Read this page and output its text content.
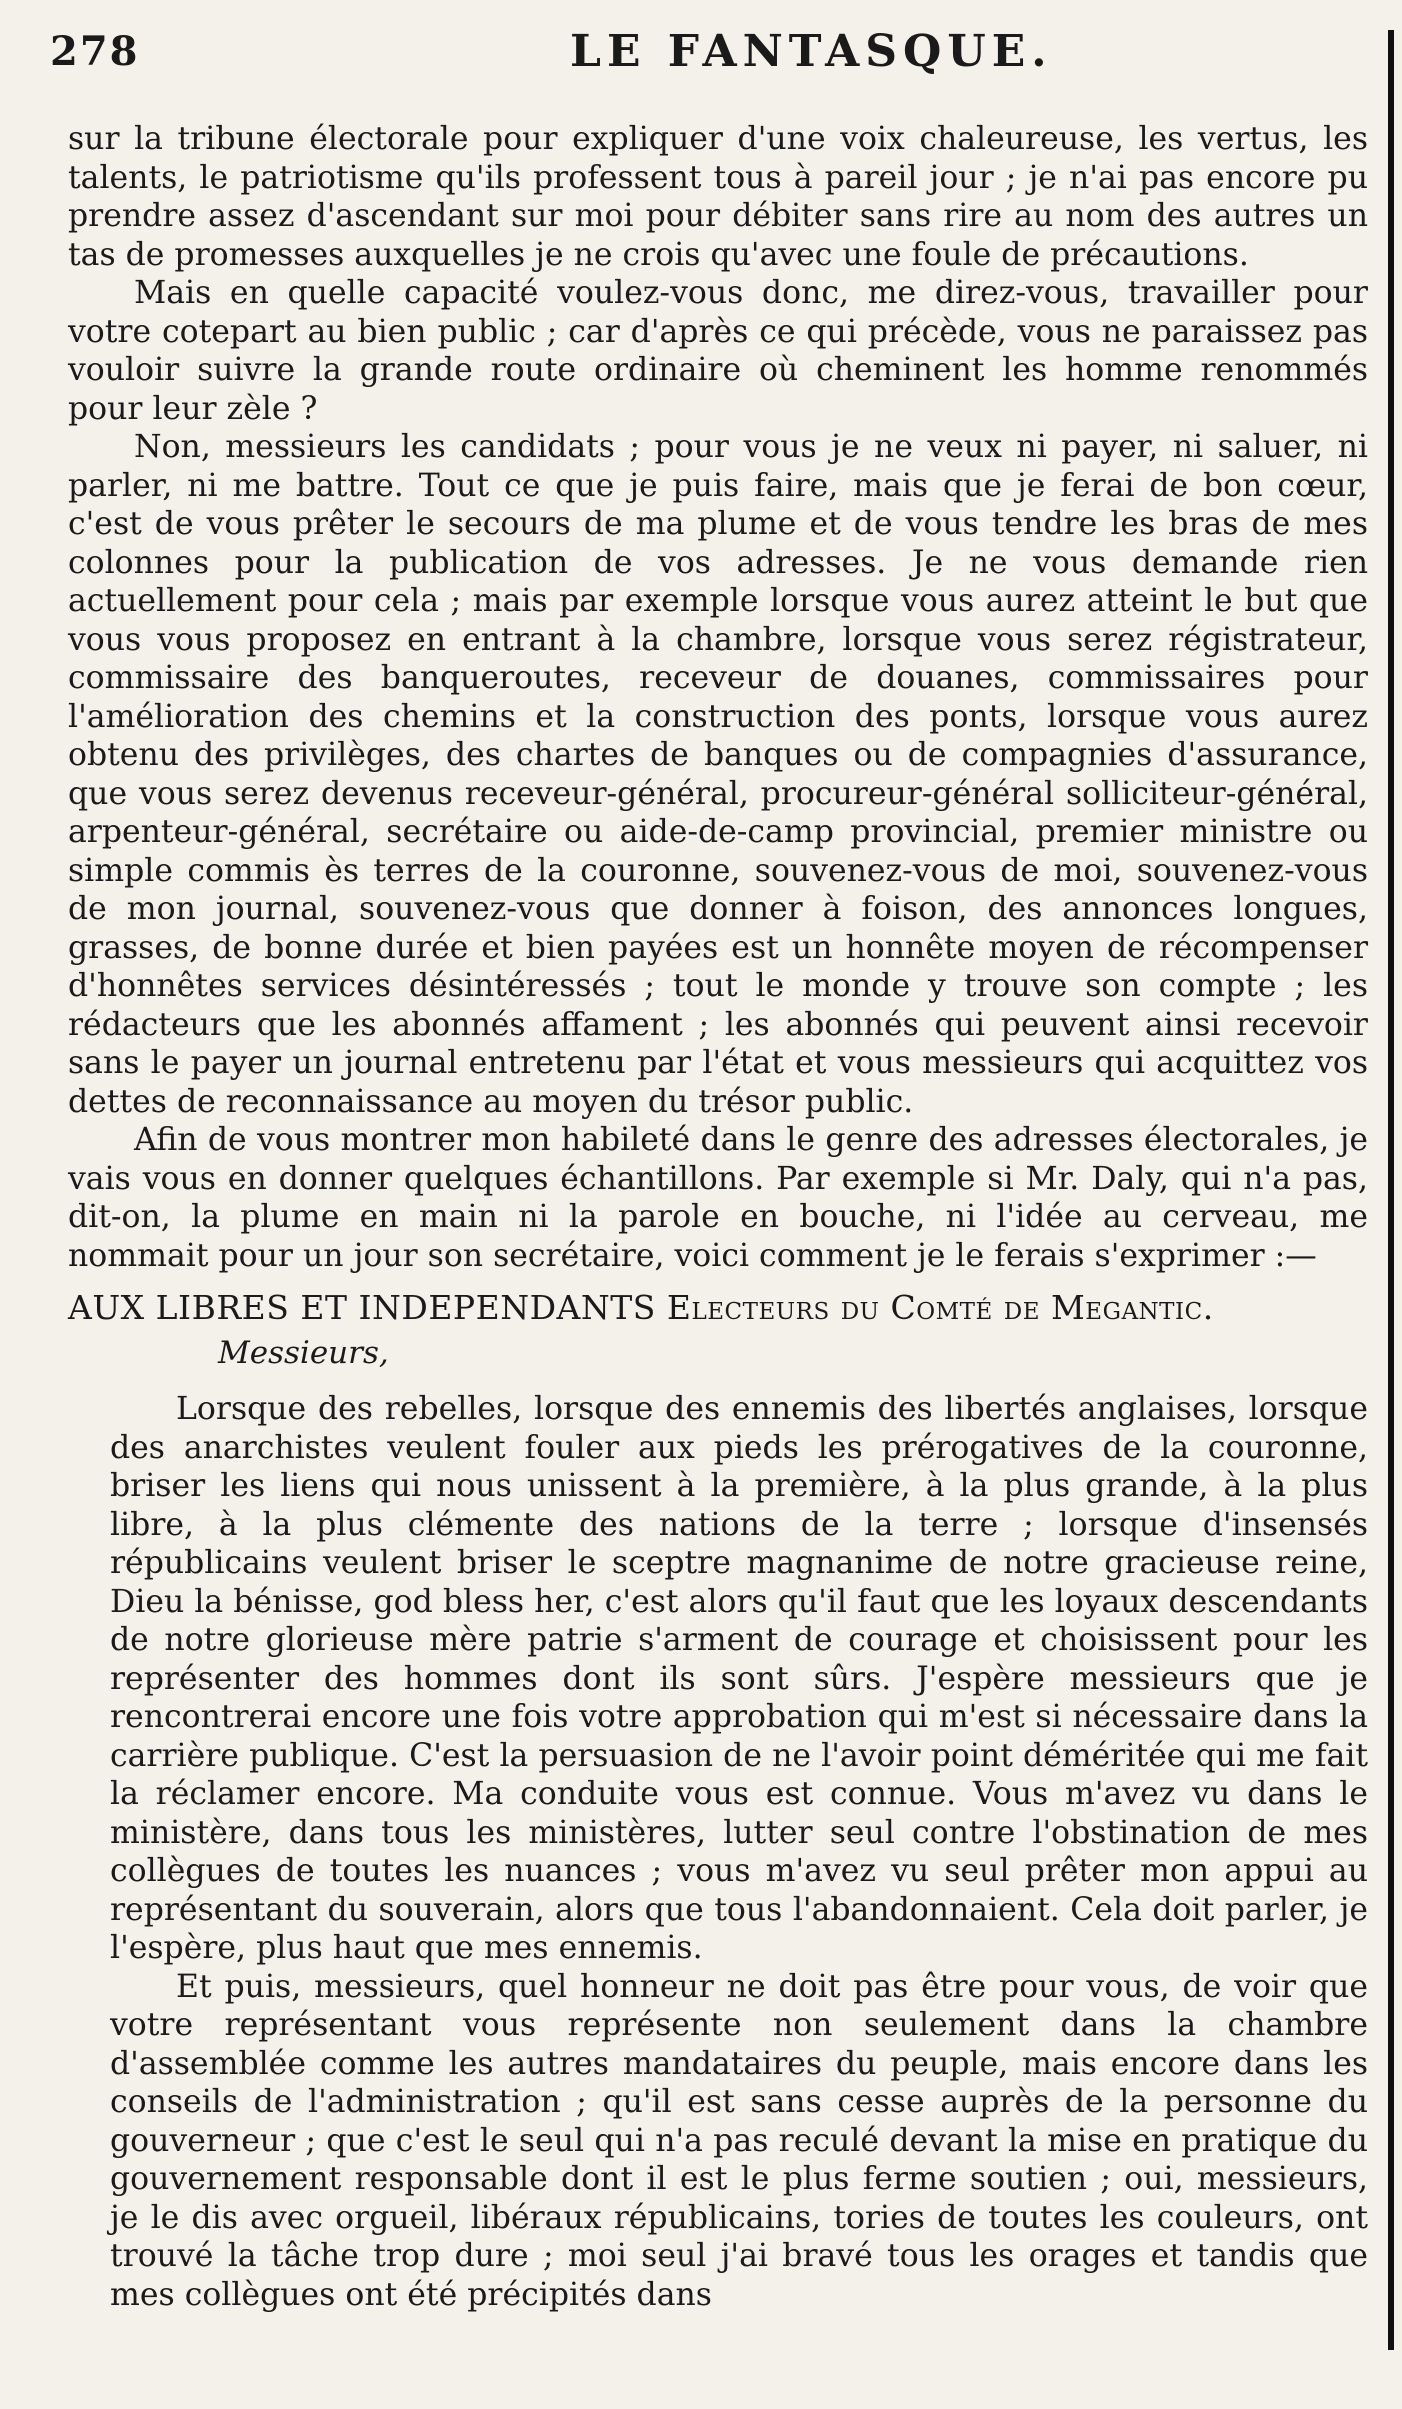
278	LE FANTASQUE.

sur la tribune électorale pour expliquer d'une voix chaleureuse, les vertus, les talents, le patriotisme qu'ils professent tous à pareil jour ; je n'ai pas encore pu prendre assez d'ascendant sur moi pour débiter sans rire au nom des autres un tas de promesses auxquelles je ne crois qu'avec une foule de précautions.

Mais en quelle capacité voulez-vous donc, me direz-vous, travailler pour votre cotepart au bien public ; car d'après ce qui précède, vous ne paraissez pas vouloir suivre la grande route ordinaire où cheminent les homme renommés pour leur zèle ?

Non, messieurs les candidats ; pour vous je ne veux ni payer, ni saluer, ni parler, ni me battre. Tout ce que je puis faire, mais que je ferai de bon cœur, c'est de vous prêter le secours de ma plume et de vous tendre les bras de mes colonnes pour la publication de vos adresses. Je ne vous demande rien actuellement pour cela ; mais par exemple lorsque vous aurez atteint le but que vous vous proposez en entrant à la chambre, lorsque vous serez régistrateur, commissaire des banqueroutes, receveur de douanes, commissaires pour l'amélioration des chemins et la construction des ponts, lorsque vous aurez obtenu des privilèges, des chartes de banques ou de compagnies d'assurance, que vous serez devenus receveur-général, procureur-général solliciteur-général, arpenteur-général, secrétaire ou aide-de-camp provincial, premier ministre ou simple commis ès terres de la couronne, souvenez-vous de moi, souvenez-vous de mon journal, souvenez-vous que donner à foison, des annonces longues, grasses, de bonne durée et bien payées est un honnête moyen de récompenser d'honnêtes services désintéressés ; tout le monde y trouve son compte ; les rédacteurs que les abonnés affament ; les abonnés qui peuvent ainsi recevoir sans le payer un journal entretenu par l'état et vous messieurs qui acquittez vos dettes de reconnaissance au moyen du trésor public.

Afin de vous montrer mon habileté dans le genre des adresses électorales, je vais vous en donner quelques échantillons. Par exemple si Mr. Daly, qui n'a pas, dit-on, la plume en main ni la parole en bouche, ni l'idée au cerveau, me nommait pour un jour son secrétaire, voici comment je le ferais s'exprimer :—

AUX LIBRES ET INDEPENDANTS Electeurs du Comté de Megantic.
Messieurs,

Lorsque des rebelles, lorsque des ennemis des libertés anglaises, lorsque des anarchistes veulent fouler aux pieds les prérogatives de la couronne, briser les liens qui nous unissent à la première, à la plus grande, à la plus libre, à la plus clémente des nations de la terre ; lorsque d'insensés républicains veulent briser le sceptre magnanime de notre gracieuse reine, Dieu la bénisse, god bless her, c'est alors qu'il faut que les loyaux descendants de notre glorieuse mère patrie s'arment de courage et choisissent pour les représenter des hommes dont ils sont sûrs. J'espère messieurs que je rencontrerai encore une fois votre approbation qui m'est si nécessaire dans la carrière publique. C'est la persuasion de ne l'avoir point déméritée qui me fait la réclamer encore. Ma conduite vous est connue. Vous m'avez vu dans le ministère, dans tous les ministères, lutter seul contre l'obstination de mes collègues de toutes les nuances ; vous m'avez vu seul prêter mon appui au représentant du souverain, alors que tous l'abandonnaient. Cela doit parler, je l'espère, plus haut que mes ennemis.

Et puis, messieurs, quel honneur ne doit pas être pour vous, de voir que votre représentant vous représente non seulement dans la chambre d'assemblée comme les autres mandataires du peuple, mais encore dans les conseils de l'administration ; qu'il est sans cesse auprès de la personne du gouverneur ; que c'est le seul qui n'a pas reculé devant la mise en pratique du gouvernement responsable dont il est le plus ferme soutien ; oui, messieurs, je le dis avec orgueil, libéraux républicains, tories de toutes les couleurs, ont trouvé la tâche trop dure ; moi seul j'ai bravé tous les orages et tandis que mes collègues ont été précipités dans
